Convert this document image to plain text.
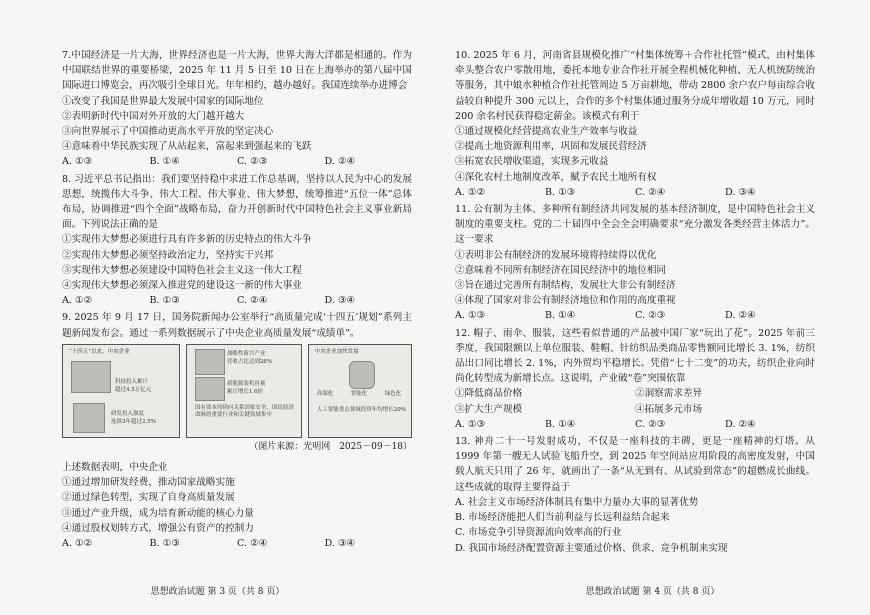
7.中国经济是一片大海，世界经济也是一片大海，世界大海大洋都是相通的。作为中国联结世界的重要桥梁，2025 年 11 月 5 日至 10 日在上海举办的第八届中国国际进口博览会，再次吸引全球目光。年年相约，越办越好。我国连续举办进博会

①改变了我国是世界最大发展中国家的国际地位

②表明新时代中国对外开放的大门越开越大

③向世界展示了中国推动更高水平开放的坚定决心

④意味着中华民族实现了从站起来，富起来到强起来的飞跃

A. ①③	B. ①④	C. ②③	D. ②④

8. 习近平总书记指出：我们要坚持稳中求进工作总基调，坚持以人民为中心的发展思想，统揽伟大斗争、伟大工程、伟大事业、伟大梦想，统筹推进“五位一体”总体布局，协调推进“四个全面”战略布局，奋力开创新时代中国特色社会主义事业新局面。下列说法正确的是

①实现伟大梦想必须进行具有许多新的历史特点的伟大斗争

②实现伟大梦想必须坚持政治定力，坚持实干兴邦

③实现伟大梦想必须建设中国特色社会主义这一伟大工程

④实现伟大梦想必须深入推进党的建设这一新的伟大事业

A. ①②	B. ①③	C. ②④	D. ③④

9. 2025 年 9 月 17 日，国务院新闻办公室举行“高质量完成‘十四五’规划”系列主题新闻发布会。通过一系列数据展示了中央企业高质量发展“成绩单”。

“十四五”以来，中央企业
科技投入累计
超过4.5万亿元
研发投入强度
连续3年超过2.5%
战略性新兴产业
营收占比达到28%
新能源装机容量
累计增长1.6倍
国有资本持续向关系国家安全、国民经济命脉的重要行业和关键领域集中
中央企业加快发展
高端化	智能化	绿色化
人工智能重点领域投资年均增长20%

（图片来源：光明网　2025－09－18）

上述数据表明，中央企业

①通过增加研发经费，推动国家战略实施

②通过绿色转型，实现了自身高质量发展

③通过产业升级，成为培育新动能的核心力量

④通过股权划转方式，增强公有资产的控制力

A. ①②	B. ①③	C. ②④	D. ③④
思想政治试题 第 3 页（共 8 页）

10. 2025 年 6 月，河南省县规模化推广“村集体统筹＋合作社托管”模式，由村集体牵头整合农户零散用地，委托本地专业合作社开展全程机械化种植、无人机统防统治等服务，其中娘水种植合作社托管周边 5 万亩耕地，带动 2800 余户农户每亩综合收益较自种提升 300 元以上，合作的多个村集体通过服务分成年增收超 10 万元，同时 200 余名村民获得稳定薪金。该模式有利于

①通过规模化经营提高农业生产效率与收益

②提高土地资源利用率，巩固和发展民营经济

③拓宽农民增收渠道，实现多元收益

④深化农村土地制度改革，赋予农民土地所有权

A. ①②	B. ①③	C. ②④	D. ③④

11. 公有制为主体、多种所有制经济共同发展的基本经济制度，是中国特色社会主义制度的重要支柱。党的二十届四中全会全会明确要求“充分激发各类经营主体活力”。这一要求

①表明非公有制经济的发展环境将持续得以优化

②意味着不同所有制经济在国民经济中的地位相同

③旨在通过完善所有制结构，发展壮大非公有制经济

④体现了国家对非公有制经济地位和作用的高度重视

A. ①③	B. ①④	C. ②③	D. ②④

12. 帽子、雨伞、服装，这些看似普通的产品被中国厂家“玩出了花”。2025 年前三季度，我国限额以上单位服装、鞋帽、针纺织品类商品零售额同比增长 3. 1%，纺织品出口同比增长 2. 1%，内外贸均平稳增长。凭借“七十二变”的功夫，纺织企业向时尚化转型成为新增长点。这说明，产业破“卷”突围依靠

①降低商品价格	②洞察需求差异
③扩大生产规模	④拓展多元市场
A. ①③	B. ①④	C. ②③	D. ②④

13. 神舟二十一号发射成功，不仅是一座科技的丰碑，更是一座精神的灯塔。从 1999 年第一艘无人试验飞船升空，到 2025 年空间站应用阶段的高密度发射，中国载人航天只用了 26 年，就画出了一条“从无到有、从试验到常态”的超燃成长曲线。这些成就的取得主要得益于

A. 社会主义市场经济体制具有集中力量办大事的显著优势

B. 市场经济能把人们当前利益与长远利益结合起来

C. 市场竞争引导资源流向效率高的行业

D. 我国市场经济配置资源主要通过价格、供求、竞争机制来实现

思想政治试题 第 4 页（共 8 页）
